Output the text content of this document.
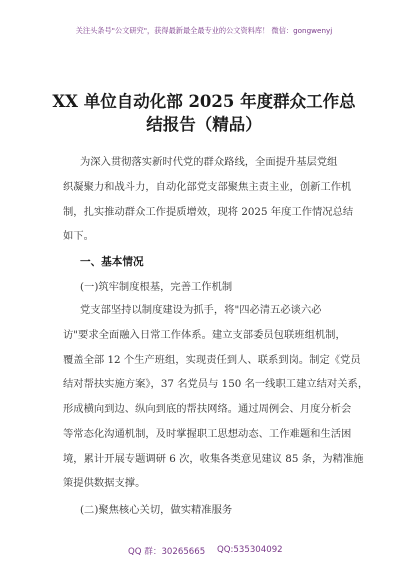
关注头条号"公文研究"，获得最新最全最专业的公文资料库！ 微信：gongwenyj
XX 单位自动化部 2025 年度群众工作总
结报告（精品）
为深入贯彻落实新时代党的群众路线，全面提升基层党组
织凝聚力和战斗力，自动化部党支部聚焦主责主业，创新工作机
制，扎实推动群众工作提质增效，现将 2025 年度工作情况总结
如下。
一、基本情况
(一)筑牢制度根基，完善工作机制
党支部坚持以制度建设为抓手，将"四必清五必谈六必
访"要求全面融入日常工作体系。建立支部委员包联班组机制，
覆盖全部 12 个生产班组，实现责任到人、联系到岗。制定《党员
结对帮扶实施方案》，37 名党员与 150 名一线职工建立结对关系，
形成横向到边、纵向到底的帮扶网络。通过周例会、月度分析会
等常态化沟通机制，及时掌握职工思想动态、工作难题和生活困
境，累计开展专题调研 6 次，收集各类意见建议 85 条，为精准施
策提供数据支撑。
(二)聚焦核心关切，做实精准服务
QQ 群：30265665 QQ:535304092
